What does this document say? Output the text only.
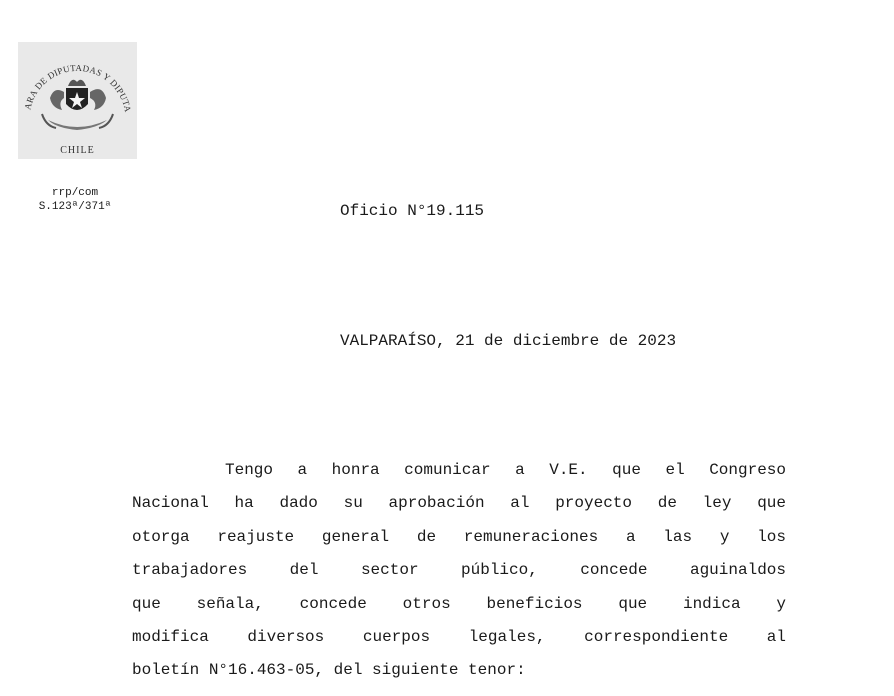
ARA DE DIPUTADAS Y DIPUTA
CHILE
rrp/com
S.123ª/371ª	Oficio N°19.115
VALPARAÍSO, 21 de diciembre de 2023
Tengo a honra comunicar a V.E. que el Congreso
Nacional ha dado su aprobación al proyecto de ley que
otorga reajuste general de remuneraciones a las y los
trabajadores del sector público, concede aguinaldos
que señala, concede otros beneficios que indica y
modifica diversos cuerpos legales, correspondiente al
boletín N°16.463-05, del siguiente tenor:
